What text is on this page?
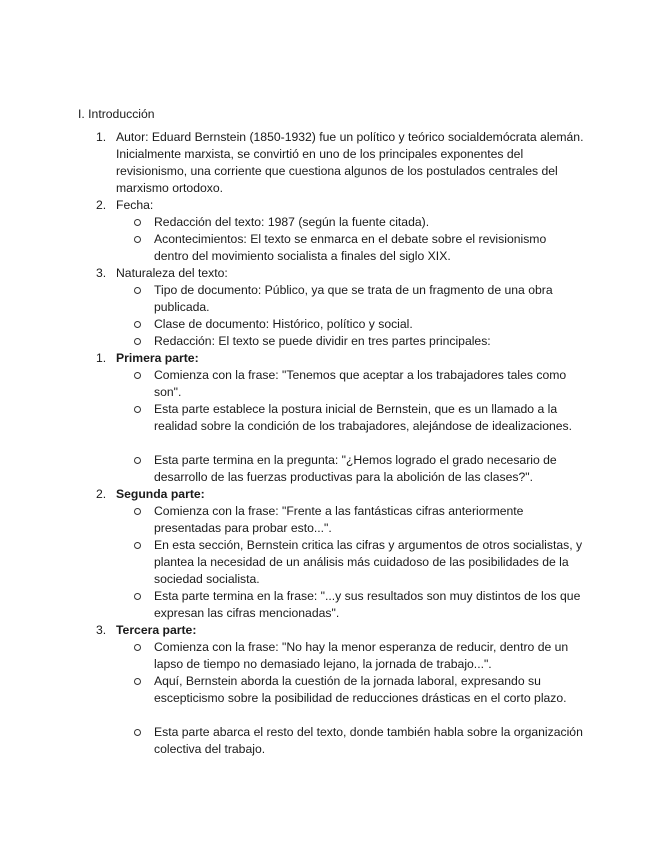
I. Introducción
1. Autor: Eduard Bernstein (1850-1932) fue un político y teórico socialdemócrata alemán. Inicialmente marxista, se convirtió en uno de los principales exponentes del revisionismo, una corriente que cuestiona algunos de los postulados centrales del marxismo ortodoxo.
2. Fecha:
Redacción del texto: 1987 (según la fuente citada).
Acontecimientos: El texto se enmarca en el debate sobre el revisionismo dentro del movimiento socialista a finales del siglo XIX.
3. Naturaleza del texto:
Tipo de documento: Público, ya que se trata de un fragmento de una obra publicada.
Clase de documento: Histórico, político y social.
Redacción: El texto se puede dividir en tres partes principales:
1. Primera parte:
Comienza con la frase: "Tenemos que aceptar a los trabajadores tales como son".
Esta parte establece la postura inicial de Bernstein, que es un llamado a la realidad sobre la condición de los trabajadores, alejándose de idealizaciones.
Esta parte termina en la pregunta: "¿Hemos logrado el grado necesario de desarrollo de las fuerzas productivas para la abolición de las clases?".
2. Segunda parte:
Comienza con la frase: "Frente a las fantásticas cifras anteriormente presentadas para probar esto...".
En esta sección, Bernstein critica las cifras y argumentos de otros socialistas, y plantea la necesidad de un análisis más cuidadoso de las posibilidades de la sociedad socialista.
Esta parte termina en la frase: "...y sus resultados son muy distintos de los que expresan las cifras mencionadas".
3. Tercera parte:
Comienza con la frase: "No hay la menor esperanza de reducir, dentro de un lapso de tiempo no demasiado lejano, la jornada de trabajo...".
Aquí, Bernstein aborda la cuestión de la jornada laboral, expresando su escepticismo sobre la posibilidad de reducciones drásticas en el corto plazo.
Esta parte abarca el resto del texto, donde también habla sobre la organización colectiva del trabajo.
